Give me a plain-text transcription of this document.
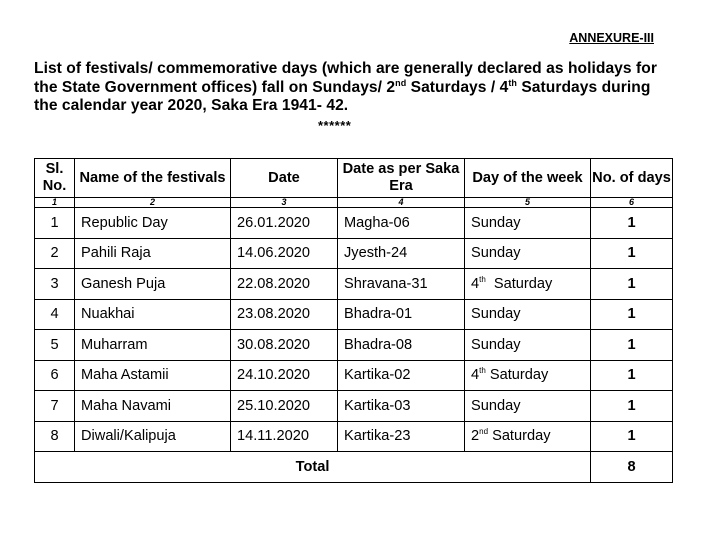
ANNEXURE-III
List of festivals/ commemorative days (which are generally declared as holidays for the State Government offices) fall on Sundays/ 2nd Saturdays / 4th Saturdays during the calendar year 2020, Saka Era 1941- 42.
******
Sl. No.	Name of the festivals	Date	Date as per Saka Era	Day of the week	No. of days
1	2	3	4	5	6
1	Republic Day	26.01.2020	Magha-06	Sunday	1
2	Pahili Raja	14.06.2020	Jyesth-24	Sunday	1
3	Ganesh Puja	22.08.2020	Shravana-31	4th  Saturday	1
4	Nuakhai	23.08.2020	Bhadra-01	Sunday	1
5	Muharram	30.08.2020	Bhadra-08	Sunday	1
6	Maha Astamii	24.10.2020	Kartika-02	4th Saturday	1
7	Maha Navami	25.10.2020	Kartika-03	Sunday	1
8	Diwali/Kalipuja	14.11.2020	Kartika-23	2nd Saturday	1
Total					8
